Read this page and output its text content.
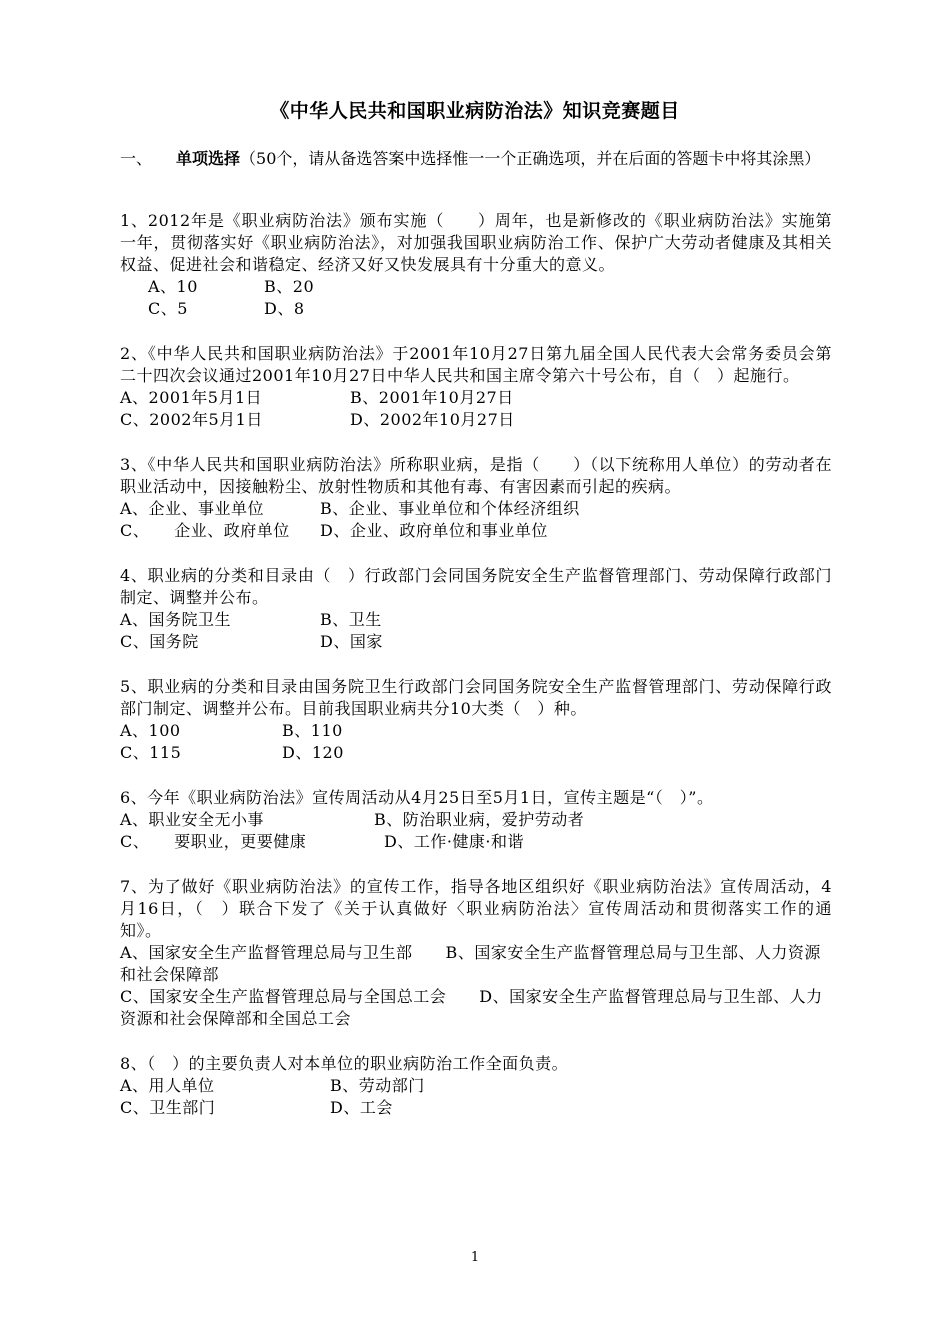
《中华人民共和国职业病防治法》知识竞赛题目
一、 单项选择（50个，请从备选答案中选择惟一一个正确选项，并在后面的答题卡中将其涂黑）

1、2012年是《职业病防治法》颁布实施（　　）周年，也是新修改的《职业病防治法》实施第一年，贯彻落实好《职业病防治法》，对加强我国职业病防治工作、保护广大劳动者健康及其相关权益、促进社会和谐稳定、经济又好又快发展具有十分重大的意义。

A、10	B、20
C、5	D、8

2、《中华人民共和国职业病防治法》于2001年10月27日第九届全国人民代表大会常务委员会第二十四次会议通过2001年10月27日中华人民共和国主席令第六十号公布，自（　）起施行。

A、2001年5月1日	B、2001年10月27日
C、2002年5月1日	D、2002年10月27日

3、《中华人民共和国职业病防治法》所称职业病，是指（　　）（以下统称用人单位）的劳动者在职业活动中，因接触粉尘、放射性物质和其他有毒、有害因素而引起的疾病。

A、企业、事业单位	B、企业、事业单位和个体经济组织
C、　　企业、政府单位	D、企业、政府单位和事业单位

4、职业病的分类和目录由（　）行政部门会同国务院安全生产监督管理部门、劳动保障行政部门制定、调整并公布。

A、国务院卫生	B、卫生
C、国务院	D、国家

5、职业病的分类和目录由国务院卫生行政部门会同国务院安全生产监督管理部门、劳动保障行政部门制定、调整并公布。目前我国职业病共分10大类（　）种。

A、100	B、110
C、115	D、120

6、今年《职业病防治法》宣传周活动从4月25日至5月1日，宣传主题是“（　）”。

A、职业安全无小事	B、防治职业病，爱护劳动者
C、　　要职业，更要健康	D、工作·健康·和谐

7、为了做好《职业病防治法》的宣传工作，指导各地区组织好《职业病防治法》宣传周活动，4月16日，（　）联合下发了《关于认真做好〈职业病防治法〉宣传周活动和贯彻落实工作的通知》。

A、国家安全生产监督管理总局与卫生部　　B、国家安全生产监督管理总局与卫生部、人力资源和社会保障部
C、国家安全生产监督管理总局与全国总工会　　D、国家安全生产监督管理总局与卫生部、人力资源和社会保障部和全国总工会

8、（　）的主要负责人对本单位的职业病防治工作全面负责。

A、用人单位	B、劳动部门
C、卫生部门	D、工会
1
